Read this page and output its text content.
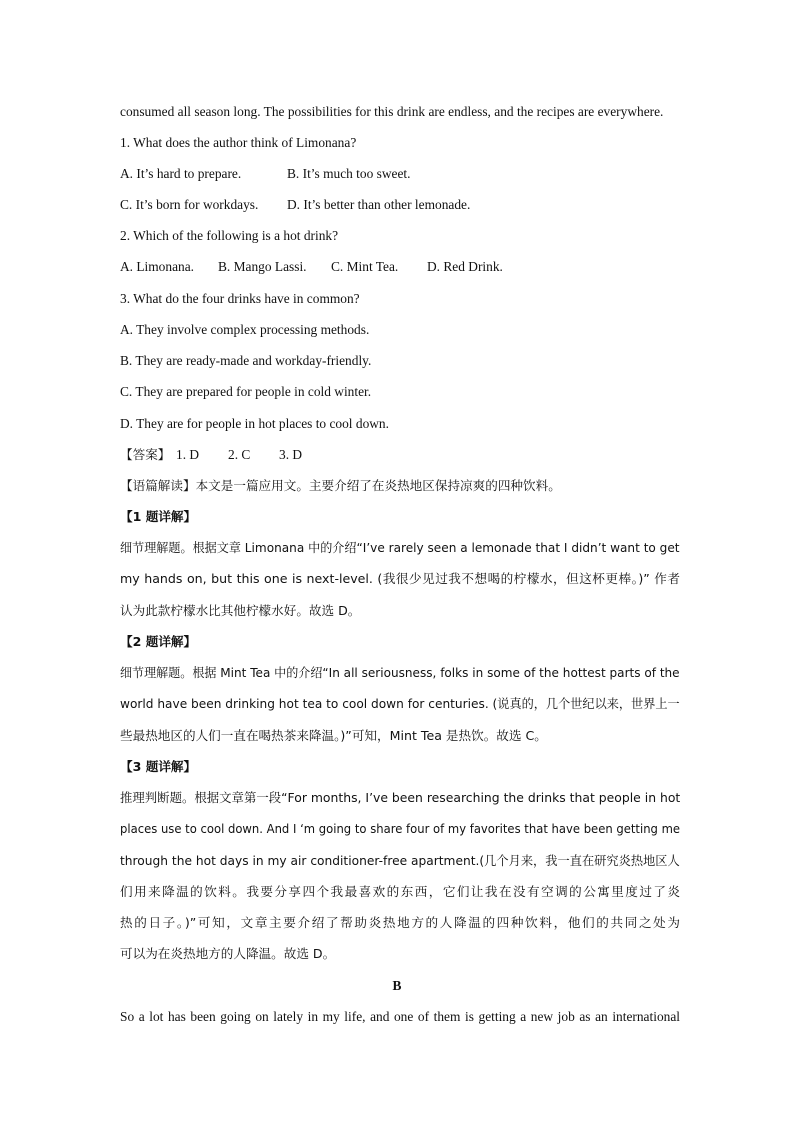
consumed all season long. The possibilities for this drink are endless, and the recipes are everywhere.
1. What does the author think of Limonana?
A. It’s hard to prepare.	B. It’s much too sweet.
C. It’s born for workdays. D. It’s better than other lemonade.
2. Which of the following is a hot drink?
A. Limonana. B. Mango Lassi. C. Mint Tea. D. Red Drink.
3. What do the four drinks have in common?
A. They involve complex processing methods.
B. They are ready-made and workday-friendly.
C. They are prepared for people in cold winter.
D. They are for people in hot places to cool down.
【答案】 1. D 2. C 3. D
【语篇解读】本文是一篇应用文。主要介绍了在炎热地区保持凉爽的四种饮料。
【1 题详解】
细节理解题。根据文章 Limonana 中的介绍“I’ve rarely seen a lemonade that I didn’t want to get
my hands on, but this one is next-level. (我很少见过我不想喝的柠檬水，但这杯更棒。)” 作者
认为此款柠檬水比其他柠檬水好。故选 D。
【2 题详解】
细节理解题。根据 Mint Tea 中的介绍“In all seriousness, folks in some of the hottest parts of the
world have been drinking hot tea to cool down for centuries. (说真的，几个世纪以来，世界上一
些最热地区的人们一直在喝热茶来降温。)”可知，Mint Tea 是热饮。故选 C。
【3 题详解】
推理判断题。根据文章第一段“For months, I’ve been researching the drinks that people in hot
places use to cool down. And I ‘m going to share four of my favorites that have been getting me
through the hot days in my air conditioner-free apartment.(几个月来，我一直在研究炎热地区人
们用来降温的饮料。我要分享四个我最喜欢的东西，它们让我在没有空调的公寓里度过了炎
热的日子。)”可知，文章主要介绍了帮助炎热地方的人降温的四种饮料，他们的共同之处为
可以为在炎热地方的人降温。故选 D。
B
So a lot has been going on lately in my life, and one of them is getting a new job as an international
